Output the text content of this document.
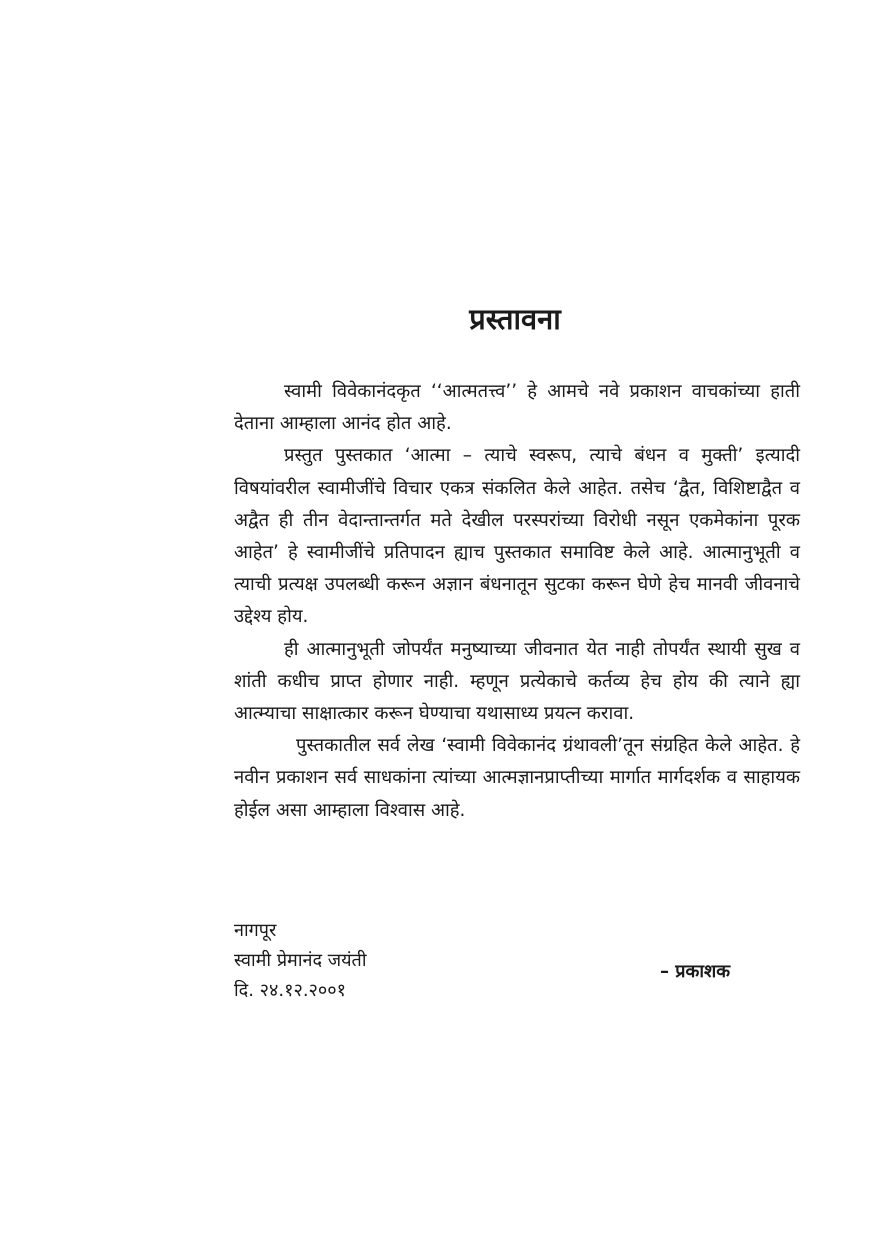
प्रस्तावना

स्वामी विवेकानंदकृत ‘‘आत्मतत्त्व’’ हे आमचे नवे प्रकाशन वाचकांच्या हाती देताना आम्हाला आनंद होत आहे.

प्रस्तुत पुस्तकात ‘आत्मा – त्याचे स्वरूप, त्याचे बंधन व मुक्ती’ इत्यादी विषयांवरील स्वामीजींचे विचार एकत्र संकलित केले आहेत. तसेच ‘द्वैत, विशिष्टाद्वैत व अद्वैत ही तीन वेदान्तान्तर्गत मते देखील परस्परांच्या विरोधी नसून एकमेकांना पूरक आहेत’ हे स्वामीजींचे प्रतिपादन ह्याच पुस्तकात समाविष्ट केले आहे. आत्मानुभूती व त्याची प्रत्यक्ष उपलब्धी करून अज्ञान बंधनातून सुटका करून घेणे हेच मानवी जीवनाचे उद्देश्य होय.

ही आत्मानुभूती जोपर्यंत मनुष्याच्या जीवनात येत नाही तोपर्यंत स्थायी सुख व शांती कधीच प्राप्त होणार नाही. म्हणून प्रत्येकाचे कर्तव्य हेच होय की त्याने ह्या आत्म्याचा साक्षात्कार करून घेण्याचा यथासाध्य प्रयत्न करावा.

पुस्तकातील सर्व लेख ‘स्वामी विवेकानंद ग्रंथावली’तून संग्रहित केले आहेत. हे नवीन प्रकाशन सर्व साधकांना त्यांच्या आत्मज्ञानप्राप्तीच्या मार्गात मार्गदर्शक व साहायक होईल असा आम्हाला विश्वास आहे.

नागपूर
स्वामी प्रेमानंद जयंती
दि. २४.१२.२००१
– प्रकाशक
